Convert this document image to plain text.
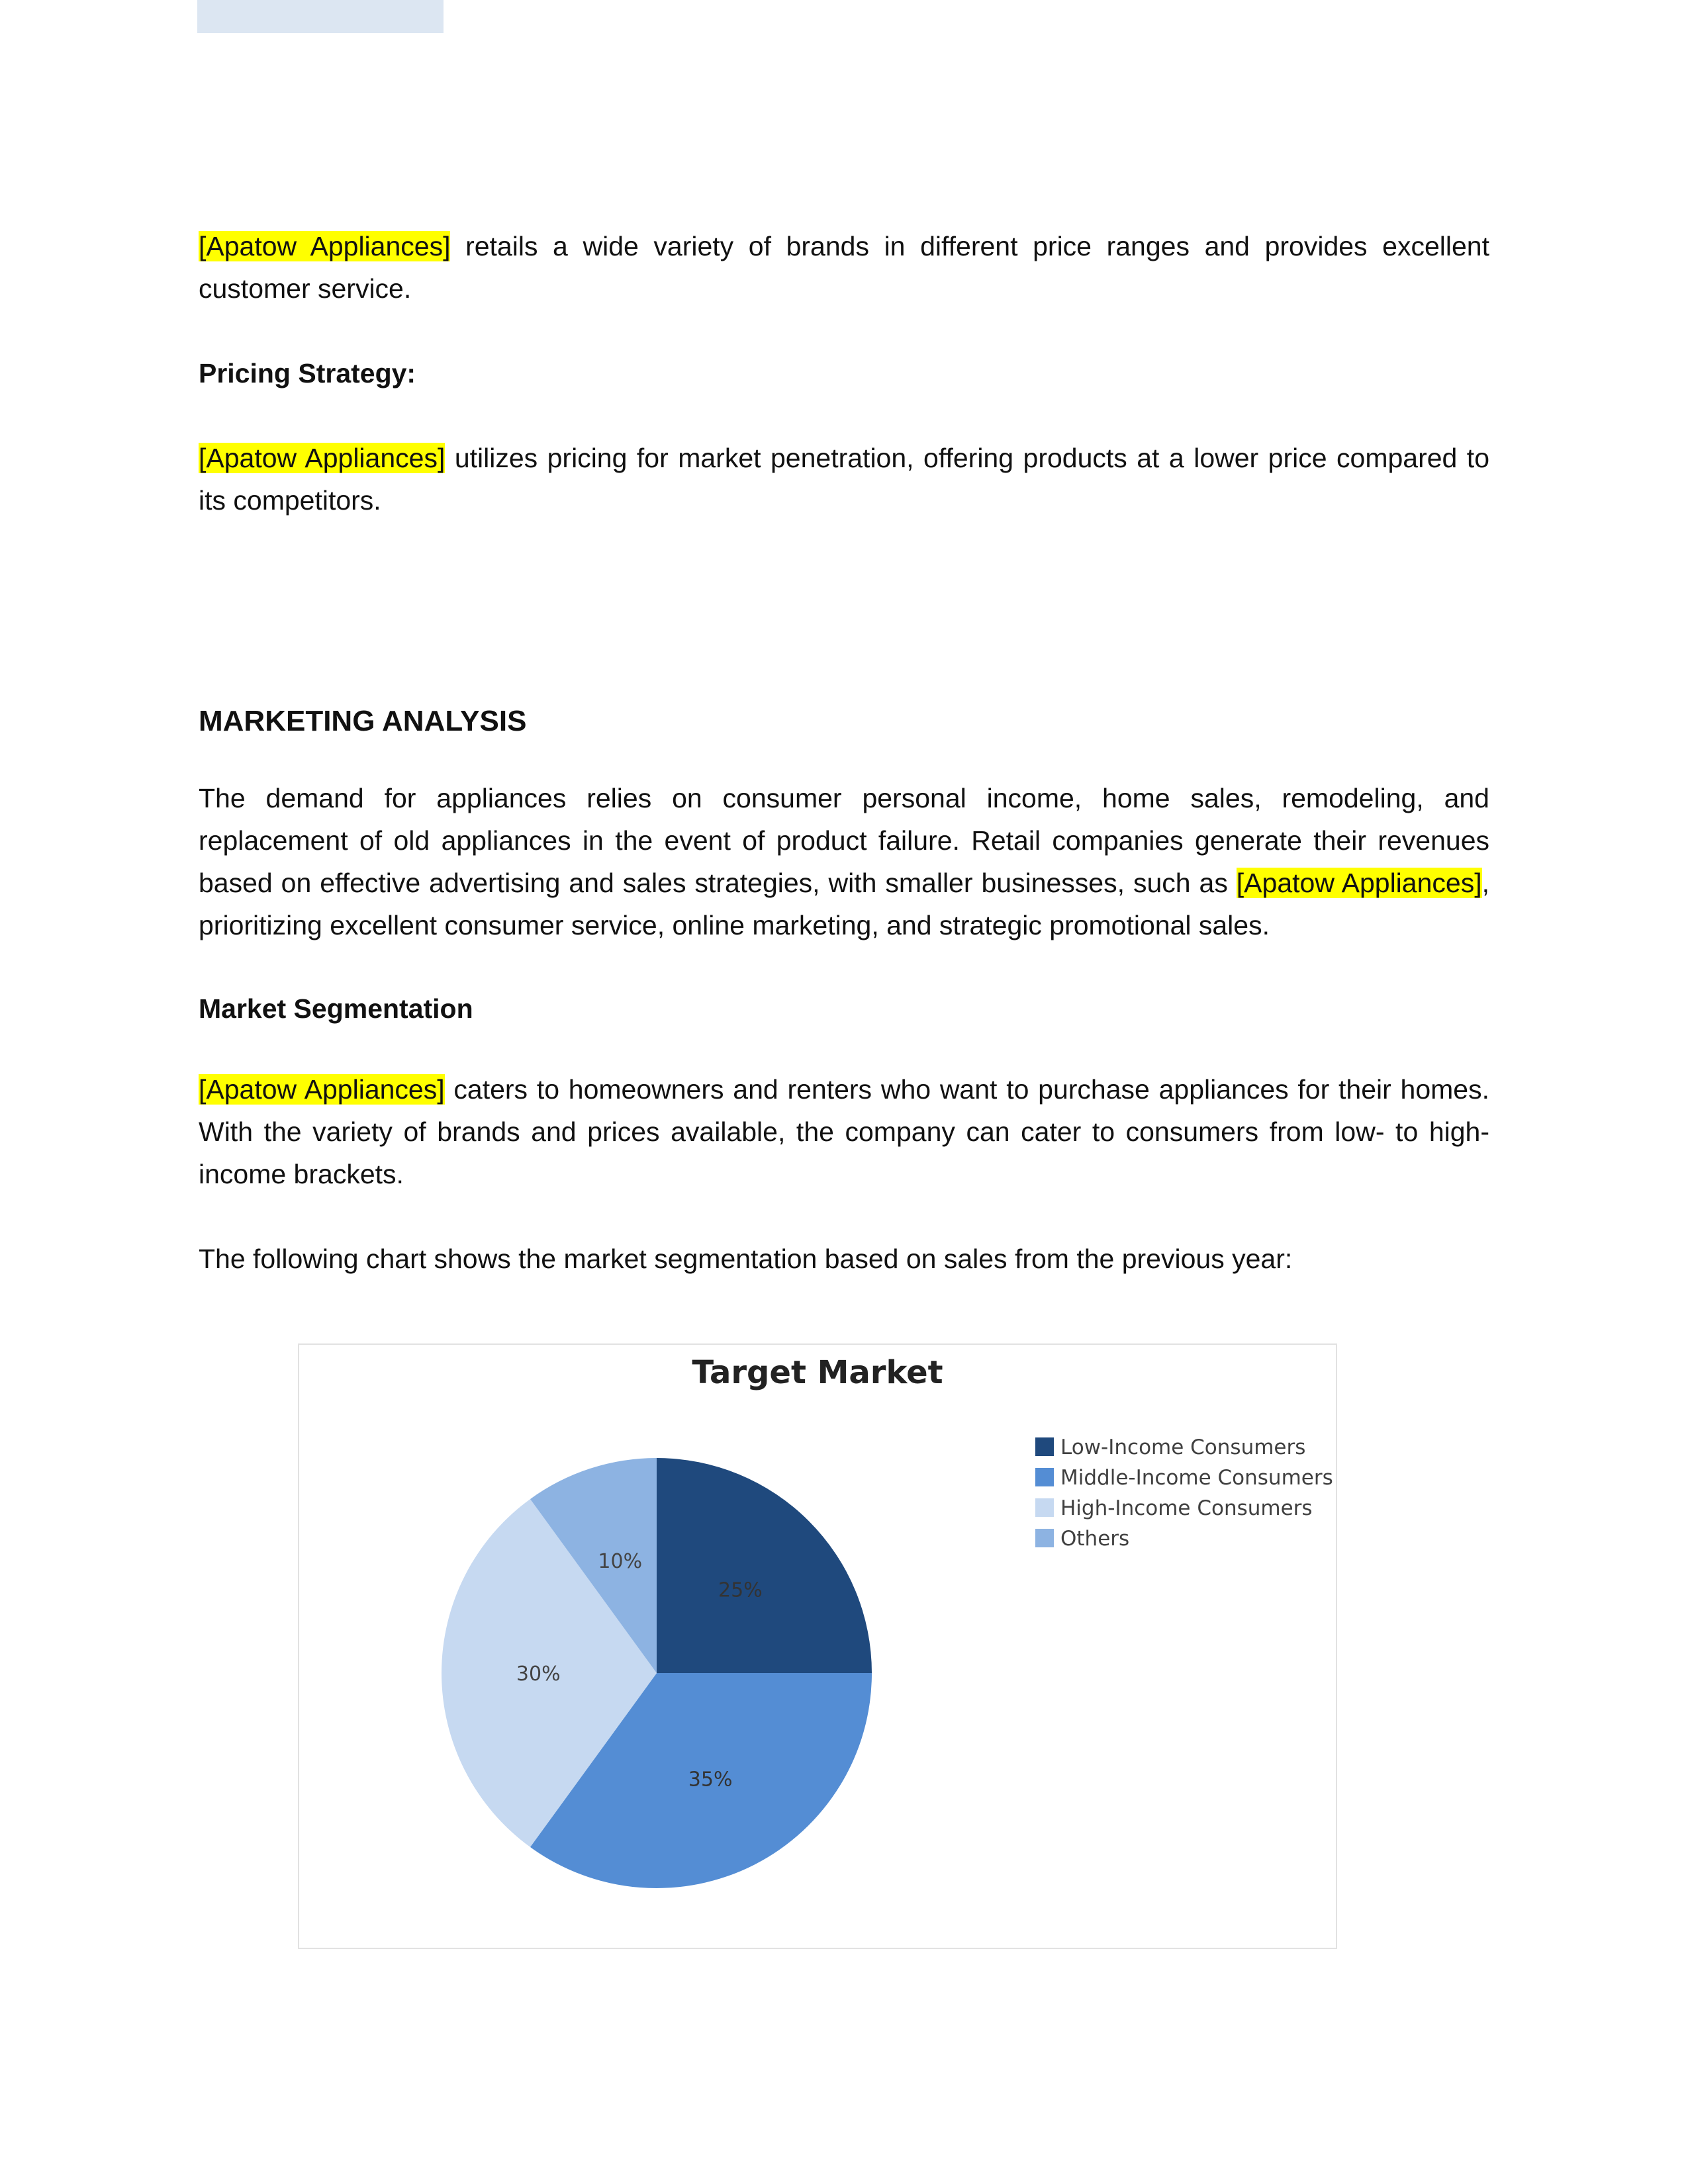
[Apatow Appliances] retails a wide variety of brands in different price ranges and provides excellent customer service.

Pricing Strategy:

[Apatow Appliances] utilizes pricing for market penetration, offering products at a lower price compared to its competitors.

MARKETING ANALYSIS

The demand for appliances relies on consumer personal income, home sales, remodeling, and replacement of old appliances in the event of product failure. Retail companies generate their revenues based on effective advertising and sales strategies, with smaller businesses, such as [Apatow Appliances], prioritizing excellent consumer service, online marketing, and strategic promotional sales.

Market Segmentation

[Apatow Appliances] caters to homeowners and renters who want to purchase appliances for their homes. With the variety of brands and prices available, the company can cater to consumers from low- to high-income brackets.

The following chart shows the market segmentation based on sales from the previous year:

Target Market
25%
35%
30%
10%
Low-Income Consumers
Middle-Income Consumers
High-Income Consumers
Others
